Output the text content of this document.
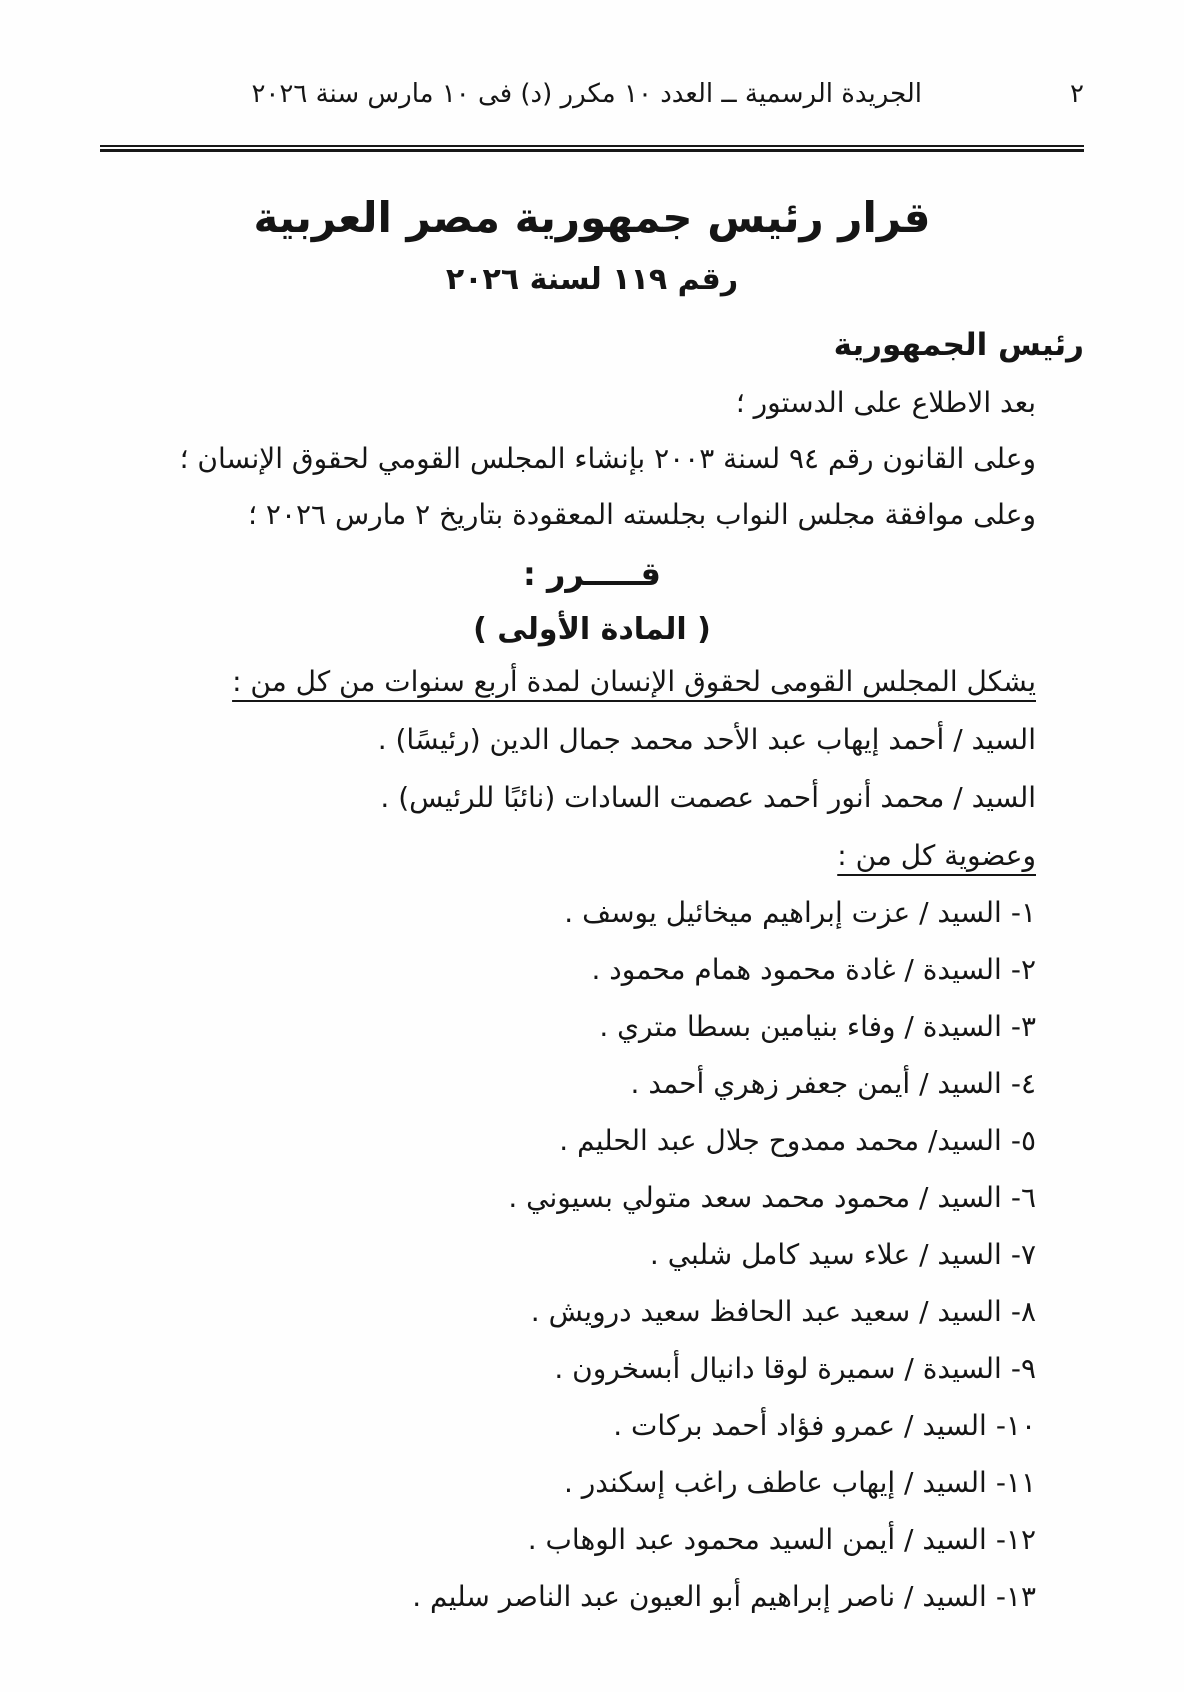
٢
الجريدة الرسمية ــ العدد ١٠ مكرر (د) فى ١٠ مارس سنة ٢٠٢٦
قرار رئيس جمهورية مصر العربية
رقم ١١٩ لسنة ٢٠٢٦
رئيس الجمهورية

بعد الاطلاع على الدستور ؛

وعلى القانون رقم ٩٤ لسنة ٢٠٠٣ بإنشاء المجلس القومي لحقوق الإنسان ؛

وعلى موافقة مجلس النواب بجلسته المعقودة بتاريخ ٢ مارس ٢٠٢٦ ؛

قـــــرر :
( المادة الأولى )

يشكل المجلس القومى لحقوق الإنسان لمدة أربع سنوات من كل من :

السيد / أحمد إيهاب عبد الأحد محمد جمال الدين (رئيسًا) .

السيد / محمد أنور أحمد عصمت السادات (نائبًا للرئيس) .

وعضوية كل من :

١-السيد / عزت إبراهيم ميخائيل يوسف .

٢-السيدة / غادة محمود همام محمود .

٣-السيدة / وفاء بنيامين بسطا متري .

٤-السيد / أيمن جعفر زهري أحمد .

٥-السيد/ محمد ممدوح جلال عبد الحليم .

٦-السيد / محمود محمد سعد متولي بسيوني .

٧-السيد / علاء سيد كامل شلبي .

٨-السيد / سعيد عبد الحافظ سعيد درويش .

٩-السيدة / سميرة لوقا دانيال أبسخرون .

١٠-السيد / عمرو فؤاد أحمد بركات .

١١-السيد / إيهاب عاطف راغب إسكندر .

١٢-السيد / أيمن السيد محمود عبد الوهاب .

١٣-السيد / ناصر إبراهيم أبو العيون عبد الناصر سليم .
